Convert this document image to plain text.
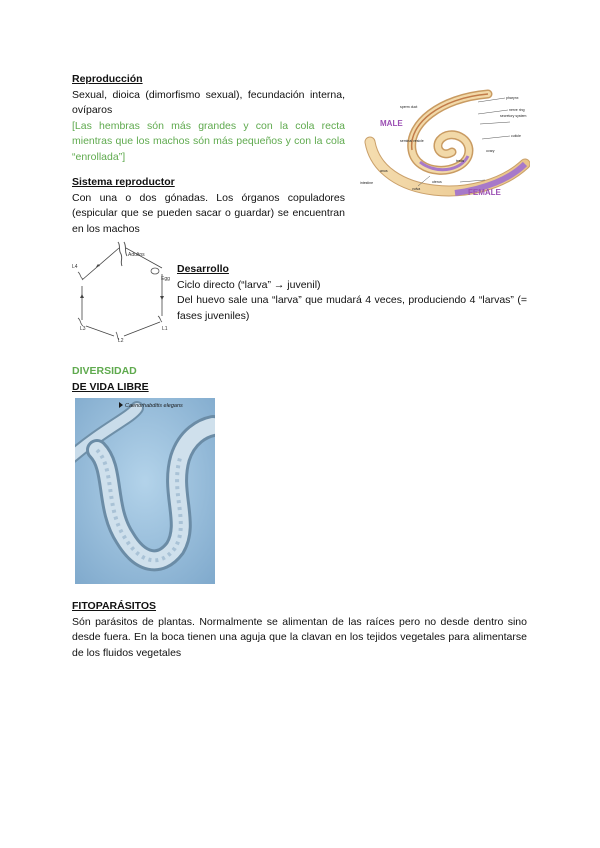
Reproducción
Sexual, dioica (dimorfismo sexual), fecundación interna, ovíparos
[Las hembras són más grandes y con la cola recta mientras que los machos són más pequeños y con la cola “enrollada”]
MALE
FEMALE
sperm duct
intestine
pharynx
nerve ring
secretory system
cuticle
ovary
uterus
vulva
testis
seminal vesicle
anus
Sistema reproductor
Con una o dos gónadas. Los órganos copuladores (espicular que se pueden sacar o guardar) se encuentran en los machos
Adultos
Egg
L1
L2
L3
L4	Desarrollo
Ciclo directo (“larva” → juvenil)
Del huevo sale una “larva” que mudará 4 veces, produciendo 4 “larvas” (= fases juveniles)
DIVERSIDAD
DE VIDA LIBRE
Caenorhabditis elegans
FITOPARÁSITOS
Són parásitos de plantas. Normalmente se alimentan de las raíces pero no desde dentro sino desde fuera. En la boca tienen una aguja que la clavan en los tejidos vegetales para alimentarse de los fluidos vegetales
